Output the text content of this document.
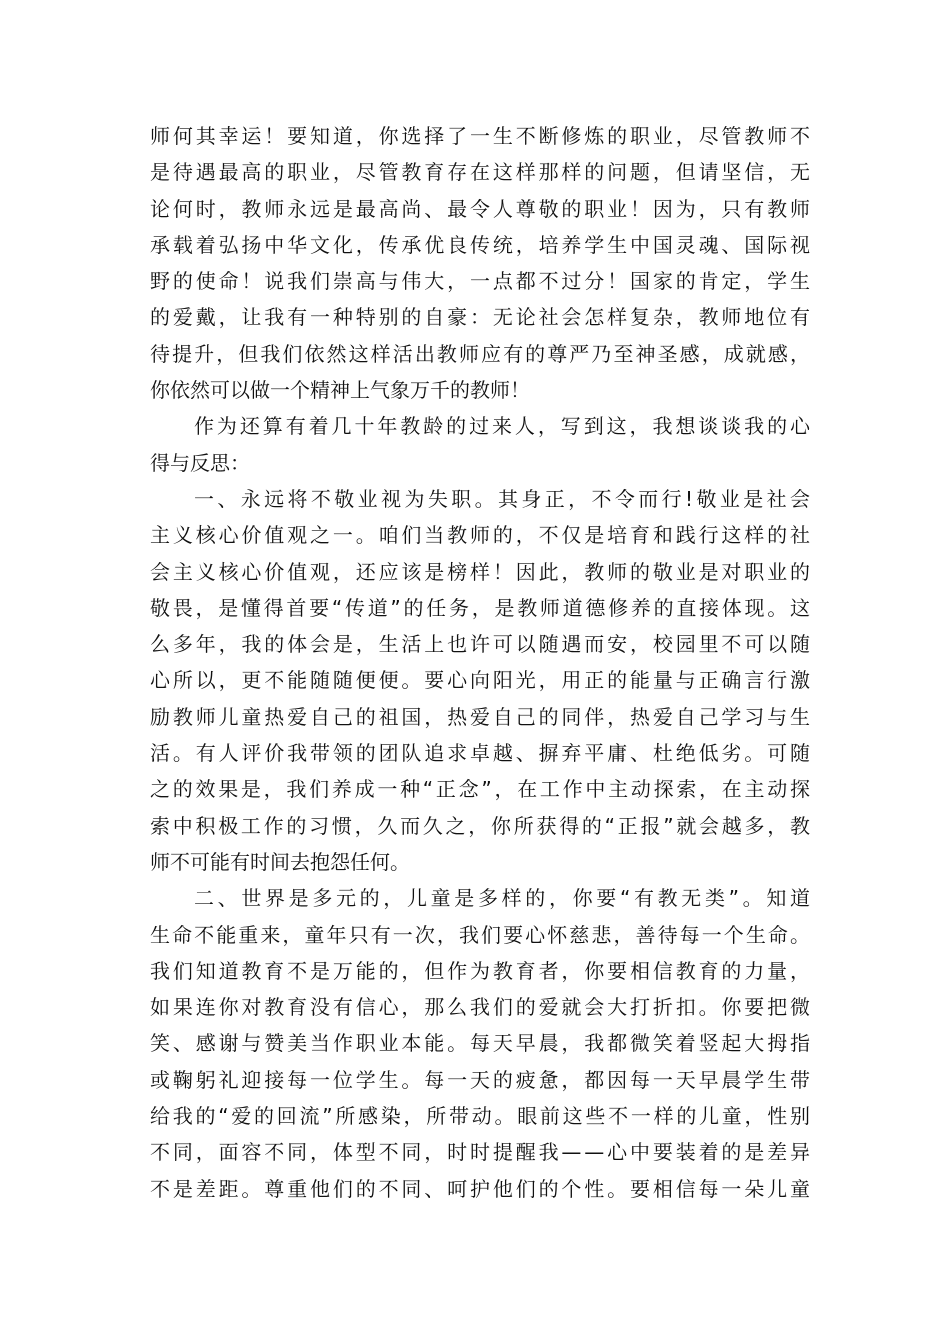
师何其幸运！要知道，你选择了一生不断修炼的职业，尽管教师不
是待遇最高的职业，尽管教育存在这样那样的问题，但请坚信，无
论何时，教师永远是最高尚、最令人尊敬的职业！因为，只有教师
承载着弘扬中华文化，传承优良传统，培养学生中国灵魂、国际视
野的使命！说我们崇高与伟大，一点都不过分！国家的肯定，学生
的爱戴，让我有一种特别的自豪：无论社会怎样复杂，教师地位有
待提升，但我们依然这样活出教师应有的尊严乃至神圣感，成就感，
你依然可以做一个精神上气象万千的教师！
作为还算有着几十年教龄的过来人，写到这，我想谈谈我的心
得与反思：
一、永远将不敬业视为失职。其身正，不令而行!敬业是社会
主义核心价值观之一。咱们当教师的，不仅是培育和践行这样的社
会主义核心价值观，还应该是榜样！因此，教师的敬业是对职业的
敬畏，是懂得首要“传道”的任务，是教师道德修养的直接体现。这
么多年，我的体会是，生活上也许可以随遇而安，校园里不可以随
心所以，更不能随随便便。要心向阳光，用正的能量与正确言行激
励教师儿童热爱自己的祖国，热爱自己的同伴，热爱自己学习与生
活。有人评价我带领的团队追求卓越、摒弃平庸、杜绝低劣。可随
之的效果是，我们养成一种“正念”，在工作中主动探索，在主动探
索中积极工作的习惯，久而久之，你所获得的“正报”就会越多，教
师不可能有时间去抱怨任何。
二、世界是多元的，儿童是多样的，你要“有教无类”。知道
生命不能重来，童年只有一次，我们要心怀慈悲，善待每一个生命。
我们知道教育不是万能的，但作为教育者，你要相信教育的力量，
如果连你对教育没有信心，那么我们的爱就会大打折扣。你要把微
笑、感谢与赞美当作职业本能。每天早晨，我都微笑着竖起大拇指
或鞠躬礼迎接每一位学生。每一天的疲惫，都因每一天早晨学生带
给我的“爱的回流”所感染，所带动。眼前这些不一样的儿童，性别
不同，面容不同，体型不同，时时提醒我——心中要装着的是差异
不是差距。尊重他们的不同、呵护他们的个性。要相信每一朵儿童
